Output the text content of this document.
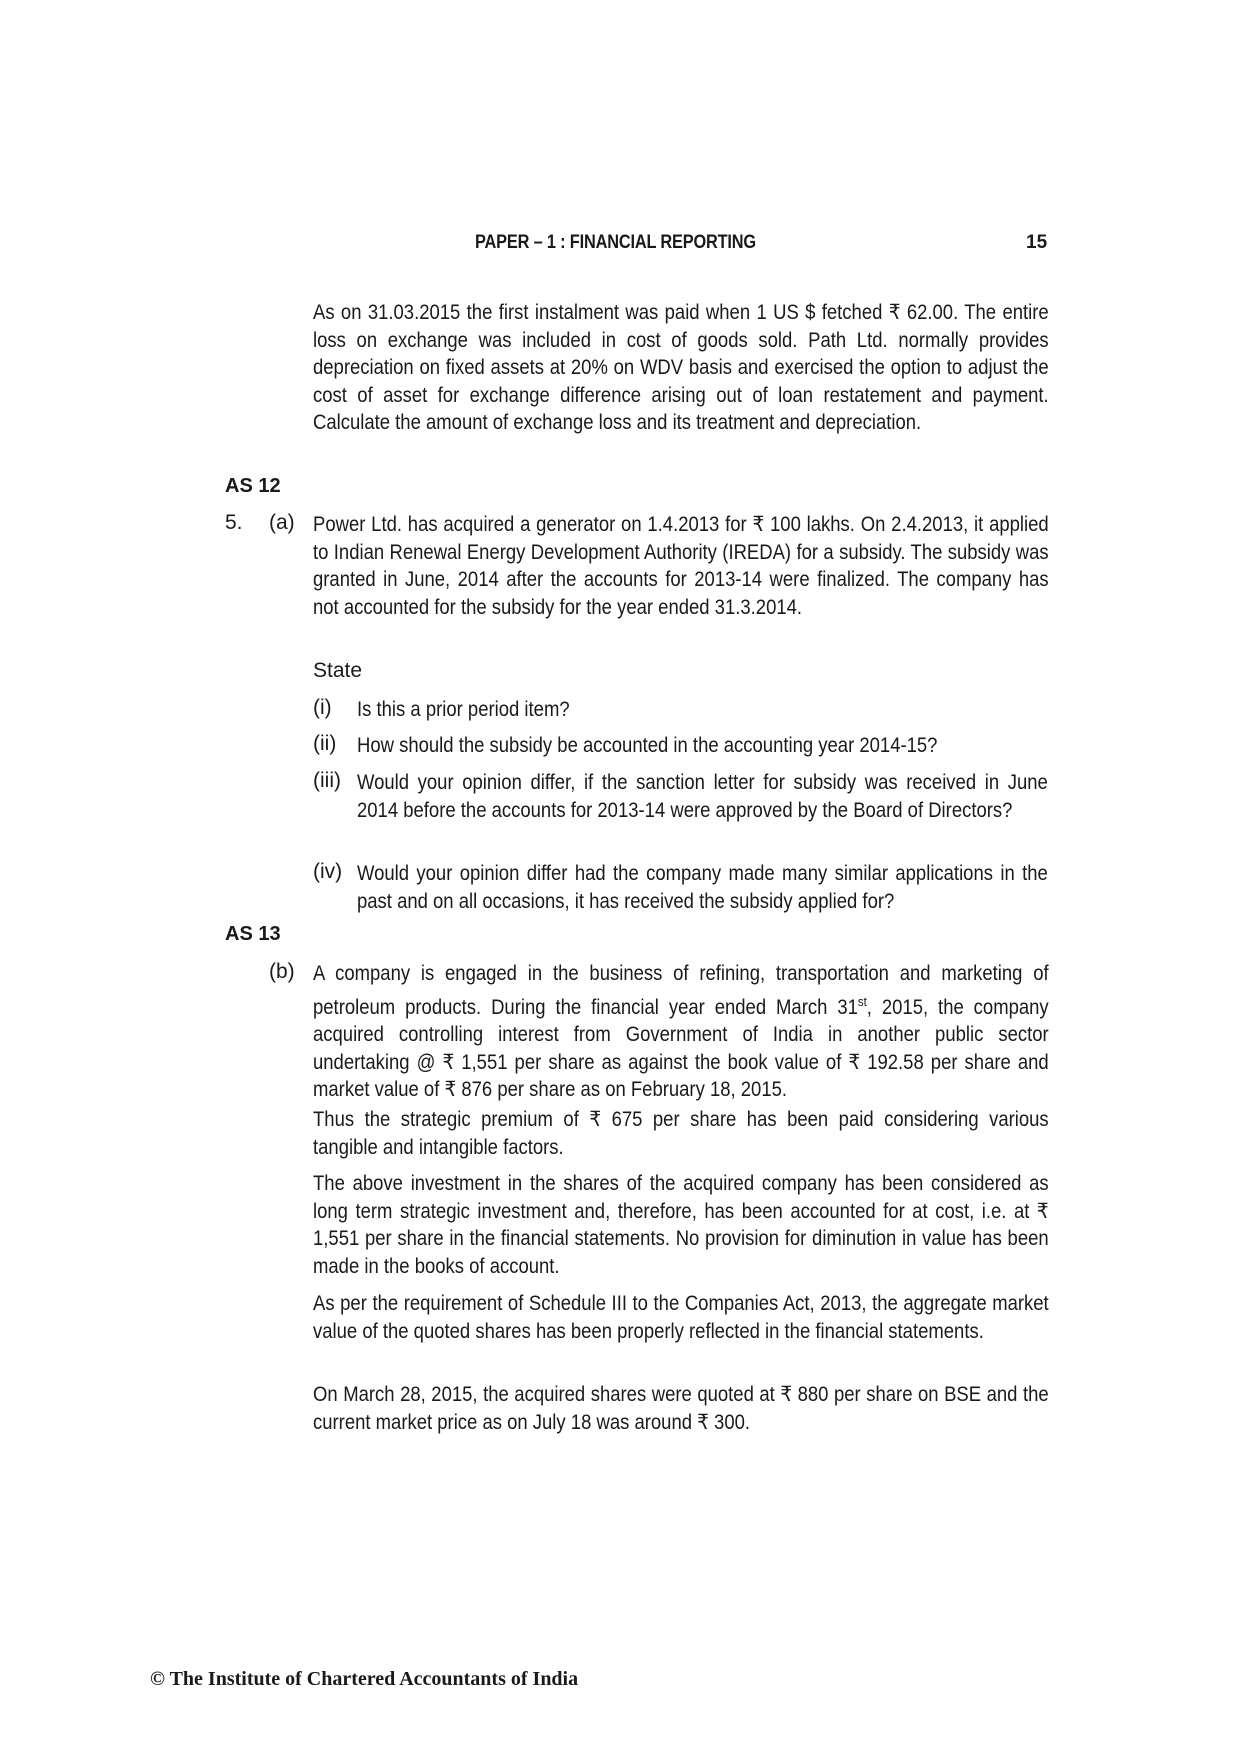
PAPER – 1 : FINANCIAL REPORTING	15
As on 31.03.2015 the first instalment was paid when 1 US $ fetched ₹ 62.00. The entire loss on exchange was included in cost of goods sold. Path Ltd. normally provides depreciation on fixed assets at 20% on WDV basis and exercised the option to adjust the cost of asset for exchange difference arising out of loan restatement and payment. Calculate the amount of exchange loss and its treatment and depreciation.
AS 12
5. (a) Power Ltd. has acquired a generator on 1.4.2013 for ₹ 100 lakhs. On 2.4.2013, it applied to Indian Renewal Energy Development Authority (IREDA) for a subsidy. The subsidy was granted in June, 2014 after the accounts for 2013-14 were finalized. The company has not accounted for the subsidy for the year ended 31.3.2014.
State
(i) Is this a prior period item?
(ii) How should the subsidy be accounted in the accounting year 2014-15?
(iii) Would your opinion differ, if the sanction letter for subsidy was received in June 2014 before the accounts for 2013-14 were approved by the Board of Directors?
(iv) Would your opinion differ had the company made many similar applications in the past and on all occasions, it has received the subsidy applied for?
AS 13
(b) A company is engaged in the business of refining, transportation and marketing of petroleum products. During the financial year ended March 31st, 2015, the company acquired controlling interest from Government of India in another public sector undertaking @ ₹ 1,551 per share as against the book value of ₹ 192.58 per share and market value of ₹ 876 per share as on February 18, 2015.
Thus the strategic premium of ₹ 675 per share has been paid considering various tangible and intangible factors.
The above investment in the shares of the acquired company has been considered as long term strategic investment and, therefore, has been accounted for at cost, i.e. at ₹ 1,551 per share in the financial statements. No provision for diminution in value has been made in the books of account.
As per the requirement of Schedule III to the Companies Act, 2013, the aggregate market value of the quoted shares has been properly reflected in the financial statements.
On March 28, 2015, the acquired shares were quoted at ₹ 880 per share on BSE and the current market price as on July 18 was around ₹ 300.
© The Institute of Chartered Accountants of India
